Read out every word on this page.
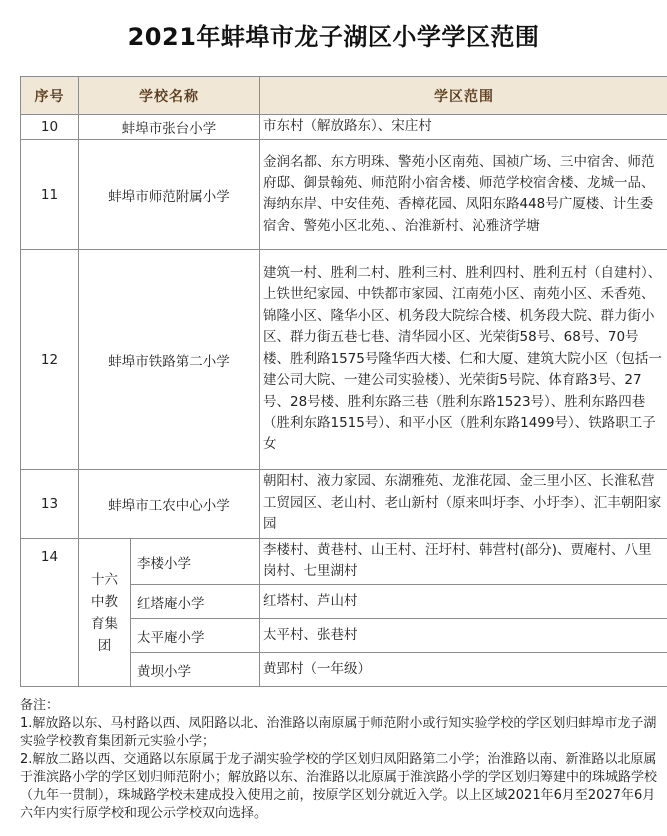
2021年蚌埠市龙子湖区小学学区范围
序号	学校名称		学区范围
10	蚌埠市张台小学		市东村（解放路东）、宋庄村
11	蚌埠市师范附属小学		金润名都、东方明珠、警苑小区南苑、国祯广场、三中宿舍、师范府邸、御景翰苑、师范附小宿舍楼、师范学校宿舍楼、龙城一品、海纳东岸、中安佳苑、香樟花园、凤阳东路448号广厦楼、计生委宿舍、警苑小区北苑、、治淮新村、沁雅济学塘
12	蚌埠市铁路第二小学		建筑一村、胜利二村、胜利三村、胜利四村、胜利五村（自建村）、上铁世纪家园、中铁都市家园、江南苑小区、南苑小区、禾香苑、锦隆小区、隆华小区、机务段大院综合楼、机务段大院、群力街小区、群力街五巷七巷、清华园小区、光荣街58号、68号、70号楼、胜利路1575号隆华西大楼、仁和大厦、建筑大院小区（包括一建公司大院、一建公司实验楼）、光荣街5号院、体育路3号、27号、28号楼、胜利东路三巷（胜利东路1523号）、胜利东路四巷（胜利东路1515号）、和平小区（胜利东路1499号）、铁路职工子女
13	蚌埠市工农中心小学		朝阳村、液力家园、东湖雅苑、龙淮花园、金三里小区、长淮私营工贸园区、老山村、老山新村（原来叫圩李、小圩李）、汇丰朝阳家园
14	十六中教育集团	李楼小学	李楼村、黄巷村、山王村、汪圩村、韩营村(部分)、贾庵村、八里岗村、七里湖村
		红塔庵小学	红塔村、芦山村
		太平庵小学	太平村、张巷村
		黄坝小学	黄郢村（一年级）

备注：

1.解放路以东、马村路以西、凤阳路以北、治淮路以南原属于师范附小或行知实验学校的学区划归蚌埠市龙子湖实验学校教育集团新元实验小学；

2.解放二路以西、交通路以东原属于龙子湖实验学校的学区划归凤阳路第二小学；治淮路以南、新淮路以北原属于淮滨路小学的学区划归师范附小；解放路以东、治淮路以北原属于淮滨路小学的学区划归筹建中的珠城路学校（九年一贯制），珠城路学校未建成投入使用之前，按原学区划分就近入学。以上区域2021年6月至2027年6月六年内实行原学校和现公示学校双向选择。
